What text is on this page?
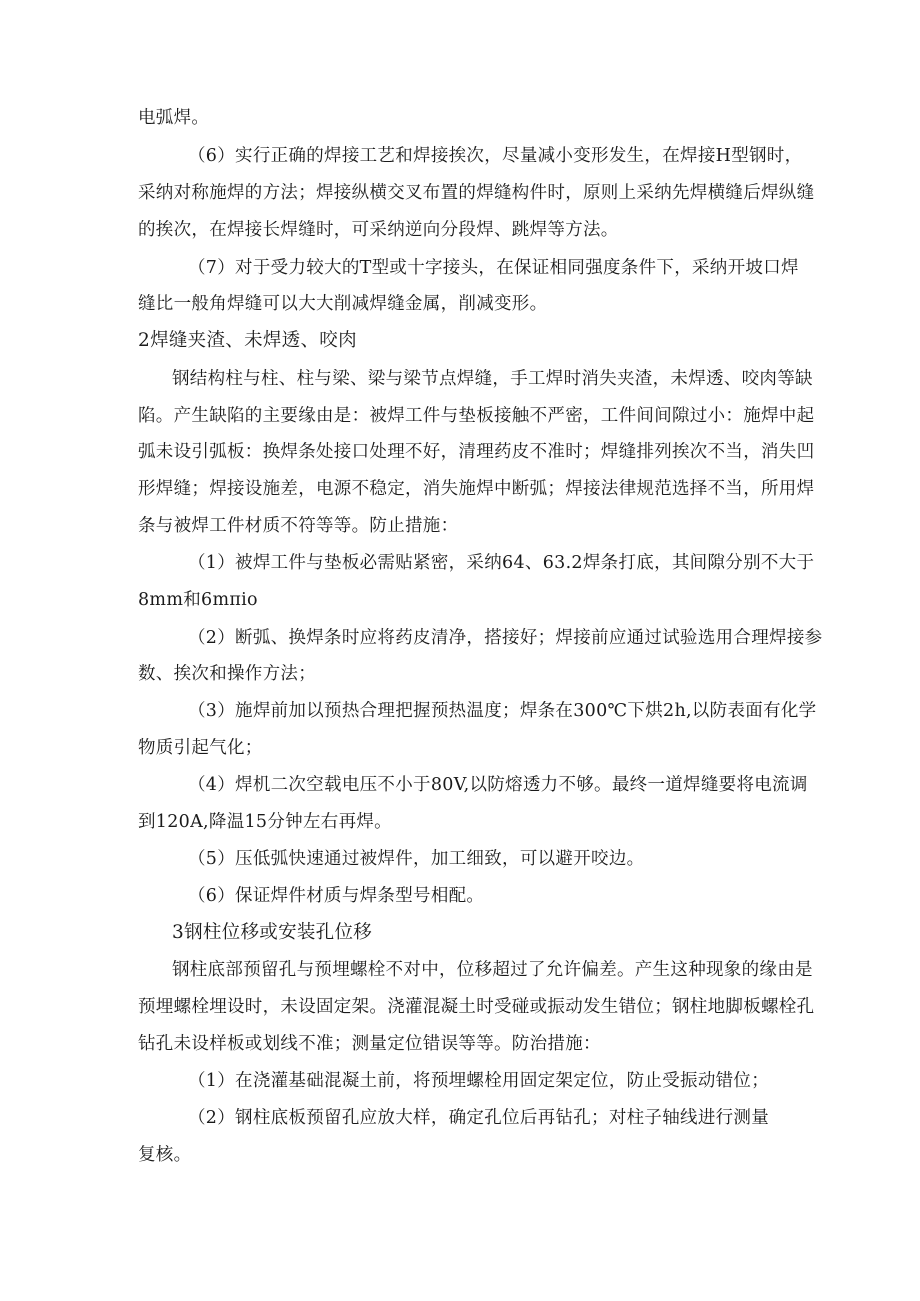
电弧焊。
（6）实行正确的焊接工艺和焊接挨次，尽量减小变形发生，在焊接H型钢时，
采纳对称施焊的方法；焊接纵横交叉布置的焊缝构件时，原则上采纳先焊横缝后焊纵缝
的挨次，在焊接长焊缝时，可采纳逆向分段焊、跳焊等方法。
（7）对于受力较大的T型或十字接头，在保证相同强度条件下，采纳开坡口焊
缝比一般角焊缝可以大大削减焊缝金属，削减变形。
2焊缝夹渣、未焊透、咬肉
钢结构柱与柱、柱与梁、梁与梁节点焊缝，手工焊时消失夹渣，未焊透、咬肉等缺
陷。产生缺陷的主要缘由是：被焊工件与垫板接触不严密，工件间间隙过小：施焊中起
弧未设引弧板：换焊条处接口处理不好，清理药皮不准时；焊缝排列挨次不当，消失凹
形焊缝；焊接设施差，电源不稳定，消失施焊中断弧；焊接法律规范选择不当，所用焊
条与被焊工件材质不符等等。防止措施：
（1）被焊工件与垫板必需贴紧密，采纳64、63.2焊条打底，其间隙分别不大于
8mm和6mπio
（2）断弧、换焊条时应将药皮清净，搭接好；焊接前应通过试验选用合理焊接参
数、挨次和操作方法；
（3）施焊前加以预热合理把握预热温度；焊条在300℃下烘2h,以防表面有化学
物质引起气化；
（4）焊机二次空载电压不小于80V,以防熔透力不够。最终一道焊缝要将电流调
到120A,降温15分钟左右再焊。
（5）压低弧快速通过被焊件，加工细致，可以避开咬边。
（6）保证焊件材质与焊条型号相配。
3钢柱位移或安装孔位移
钢柱底部预留孔与预埋螺栓不对中，位移超过了允许偏差。产生这种现象的缘由是
预埋螺栓埋设时，未设固定架。浇灌混凝土时受碰或振动发生错位；钢柱地脚板螺栓孔
钻孔未设样板或划线不准；测量定位错误等等。防治措施：
（1）在浇灌基础混凝土前，将预埋螺栓用固定架定位，防止受振动错位；
（2）钢柱底板预留孔应放大样，确定孔位后再钻孔；对柱子轴线进行测量
复核。
